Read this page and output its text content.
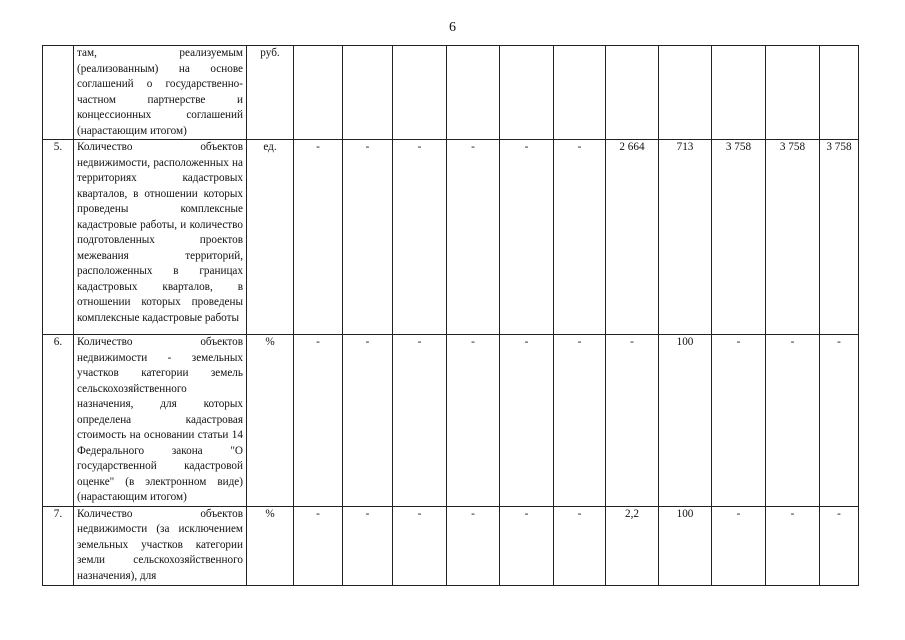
6
	там, реализуемым (реализованным) на основе соглашений о государственно-частном партнерстве и концессионных соглашений (нарастающим итогом)	руб.											
5.	Количество объектов недвижимости, расположенных на территориях кадастровых кварталов, в отношении которых проведены комплексные кадастровые работы, и количество подготовленных проектов межевания территорий, расположенных в границах кадастровых кварталов, в отношении которых проведены комплексные кадастровые работы	ед.	-	-	-	-	-	-	2 664	713	3 758	3 758	3 758
6.	Количество объектов недвижимости - земельных участков категории земель сельскохозяйственного назначения, для которых определена кадастровая стоимость на основании статьи 14 Федерального закона "О государственной кадастровой оценке" (в электронном виде) (нарастающим итогом)	%	-	-	-	-	-	-	-	100	-	-	-
7.	Количество объектов недвижимости (за исключением земельных участков категории земли сельскохозяйственного назначения), для	%	-	-	-	-	-	-	2,2	100	-	-	-
